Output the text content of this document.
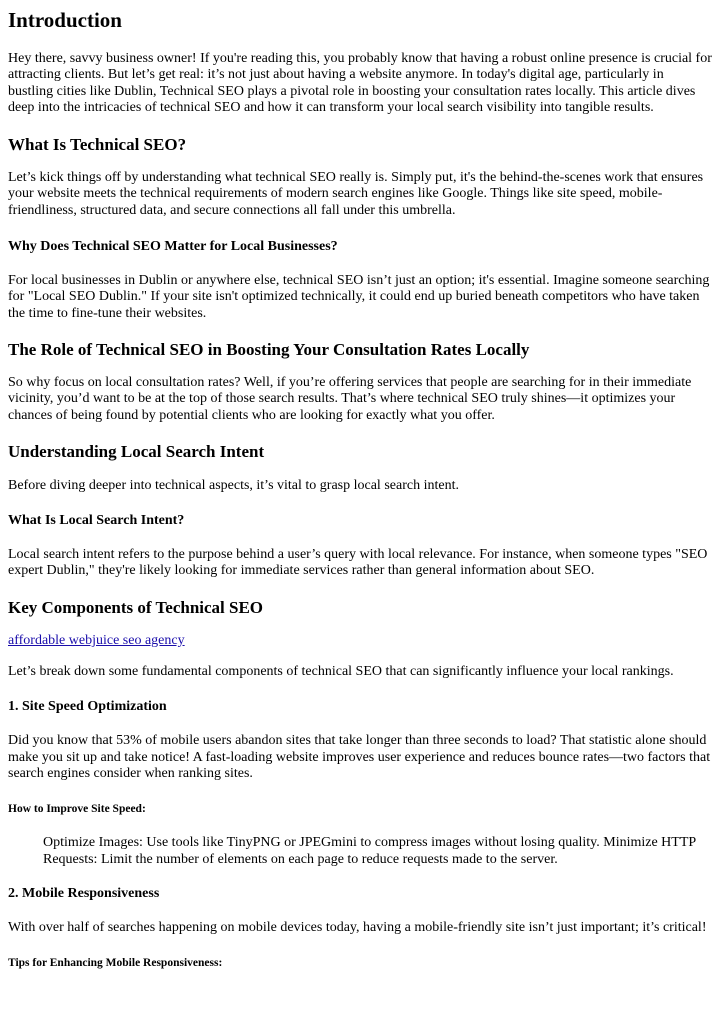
Introduction

Hey there, savvy business owner! If you're reading this, you probably know that having a robust online presence is crucial for attracting clients. But let’s get real: it’s not just about having a website anymore. In today's digital age, particularly in bustling cities like Dublin, Technical SEO plays a pivotal role in boosting your consultation rates locally. This article dives deep into the intricacies of technical SEO and how it can transform your local search visibility into tangible results.

What Is Technical SEO?

Let’s kick things off by understanding what technical SEO really is. Simply put, it's the behind-the-scenes work that ensures your website meets the technical requirements of modern search engines like Google. Things like site speed, mobile-friendliness, structured data, and secure connections all fall under this umbrella.

Why Does Technical SEO Matter for Local Businesses?

For local businesses in Dublin or anywhere else, technical SEO isn’t just an option; it's essential. Imagine someone searching for "Local SEO Dublin." If your site isn't optimized technically, it could end up buried beneath competitors who have taken the time to fine-tune their websites.

The Role of Technical SEO in Boosting Your Consultation Rates Locally

So why focus on local consultation rates? Well, if you’re offering services that people are searching for in their immediate vicinity, you’d want to be at the top of those search results. That’s where technical SEO truly shines—it optimizes your chances of being found by potential clients who are looking for exactly what you offer.

Understanding Local Search Intent

Before diving deeper into technical aspects, it’s vital to grasp local search intent.

What Is Local Search Intent?

Local search intent refers to the purpose behind a user’s query with local relevance. For instance, when someone types "SEO expert Dublin," they're likely looking for immediate services rather than general information about SEO.

Key Components of Technical SEO
affordable webjuice seo agency

Let’s break down some fundamental components of technical SEO that can significantly influence your local rankings.

1. Site Speed Optimization

Did you know that 53% of mobile users abandon sites that take longer than three seconds to load? That statistic alone should make you sit up and take notice! A fast-loading website improves user experience and reduces bounce rates—two factors that search engines consider when ranking sites.

How to Improve Site Speed:
Optimize Images: Use tools like TinyPNG or JPEGmini to compress images without losing quality. Minimize HTTP Requests: Limit the number of elements on each page to reduce requests made to the server.
2. Mobile Responsiveness

With over half of searches happening on mobile devices today, having a mobile-friendly site isn’t just important; it’s critical!

Tips for Enhancing Mobile Responsiveness:
